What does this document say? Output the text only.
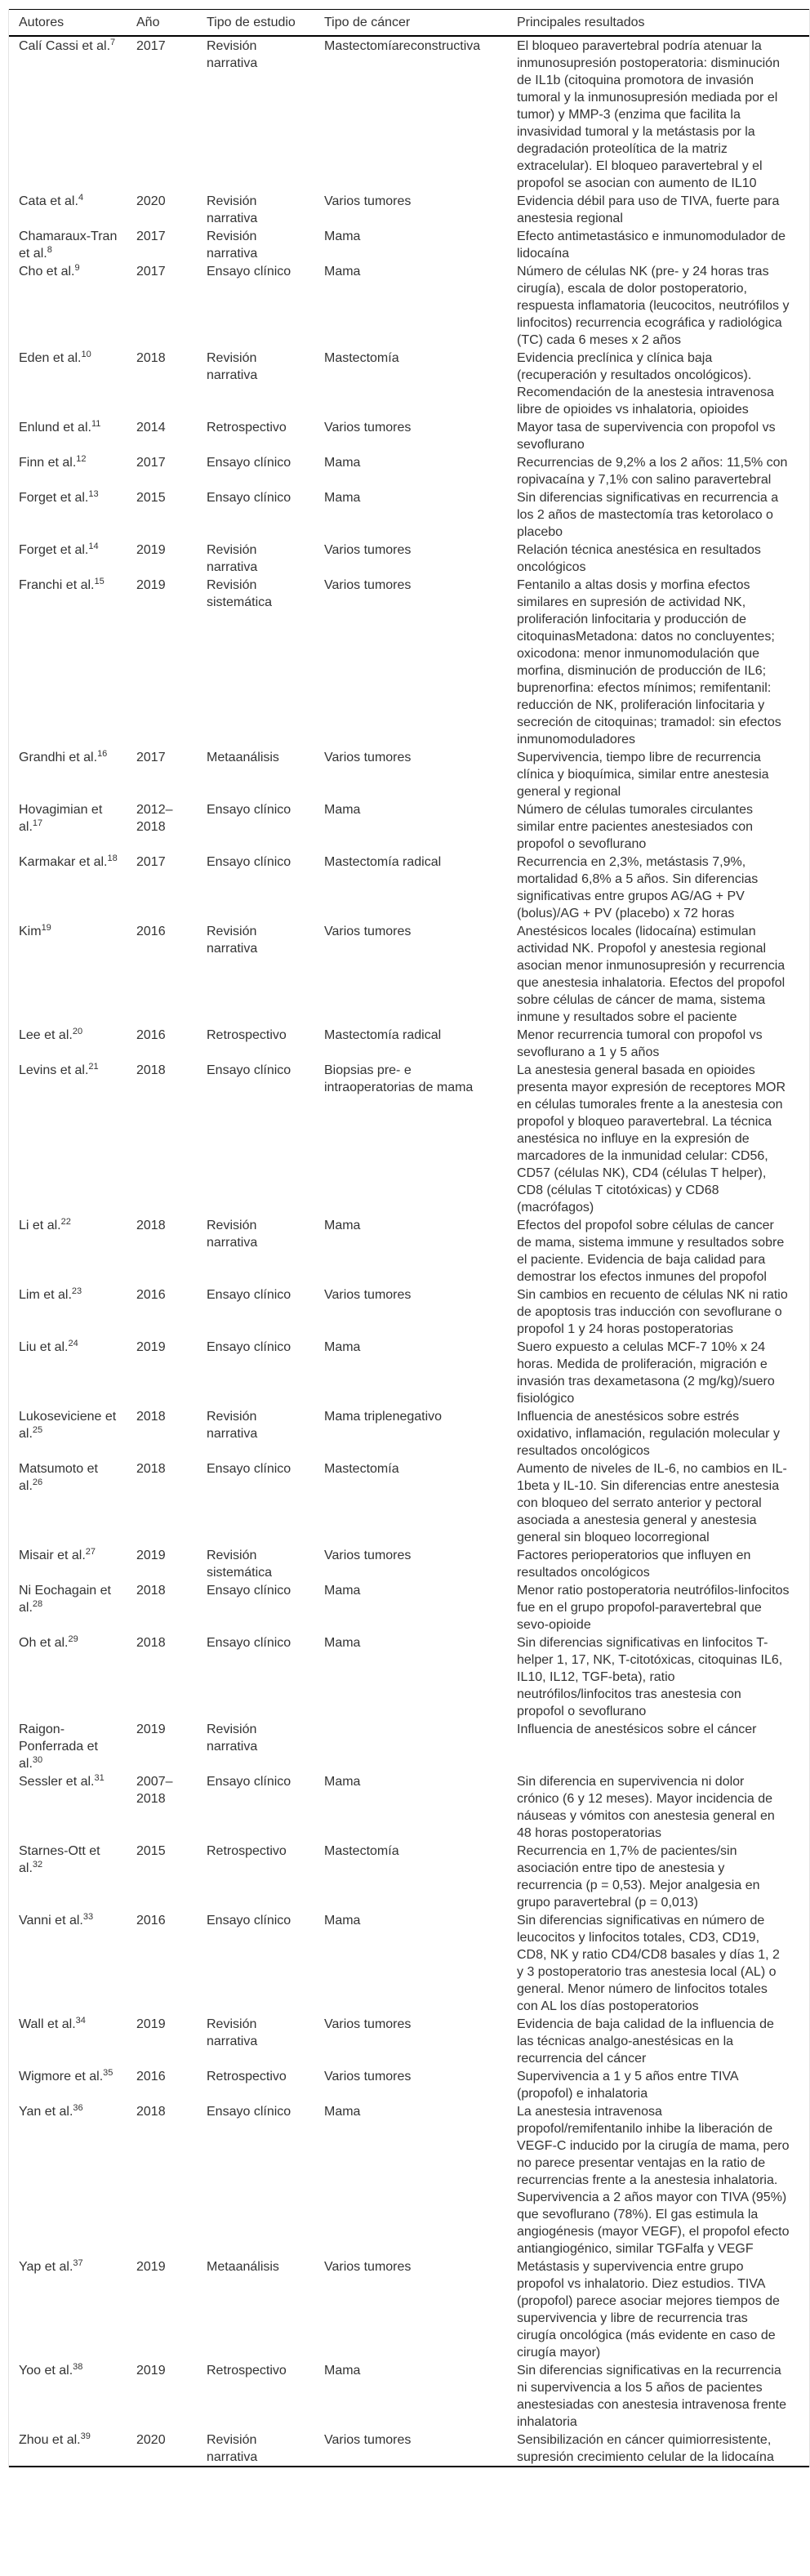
Autores	Año	Tipo de estudio	Tipo de cáncer	Principales resultados
Calí Cassi et al.$^7$	2017	Revisión narrativa	Mastectomíareconstructiva	El bloqueo paravertebral podría atenuar la inmunosupresión postoperatoria: disminución de IL1b (citoquina promotora de invasión tumoral y la inmunosupresión mediada por el tumor) y MMP-3 (enzima que facilita la invasividad tumoral y la metástasis por la degradación proteolítica de la matriz extracelular). El bloqueo paravertebral y el propofol se asocian con aumento de IL10
Cata et al.$^4$	2020	Revisión narrativa	Varios tumores	Evidencia débil para uso de TIVA, fuerte para anestesia regional
Chamaraux-Tran et al.$^8$	2017	Revisión narrativa	Mama	Efecto antimetastásico e inmunomodulador de lidocaína
Cho et al.$^9$	2017	Ensayo clínico	Mama	Número de células NK (pre- y 24 horas tras cirugía), escala de dolor postoperatorio, respuesta inflamatoria (leucocitos, neutrófilos y linfocitos) recurrencia ecográfica y radiológica (TC) cada 6 meses x 2 años
Eden et al.$^{10}$	2018	Revisión narrativa	Mastectomía	Evidencia preclínica y clínica baja (recuperación y resultados oncológicos). Recomendación de la anestesia intravenosa libre de opioides vs inhalatoria, opioides
Enlund et al.$^{11}$	2014	Retrospectivo	Varios tumores	Mayor tasa de supervivencia con propofol vs sevoflurano
Finn et al.$^{12}$	2017	Ensayo clínico	Mama	Recurrencias de 9,2% a los 2 años: 11,5% con ropivacaína y 7,1% con salino paravertebral
Forget et al.$^{13}$	2015	Ensayo clínico	Mama	Sin diferencias significativas en recurrencia a los 2 años de mastectomía tras ketorolaco o placebo
Forget et al.$^{14}$	2019	Revisión narrativa	Varios tumores	Relación técnica anestésica en resultados oncológicos
Franchi et al.$^{15}$	2019	Revisión sistemática	Varios tumores	Fentanilo a altas dosis y morfina efectos similares en supresión de actividad NK, proliferación linfocitaria y producción de citoquinasMetadona: datos no concluyentes; oxicodona: menor inmunomodulación que morfina, disminución de producción de IL6; buprenorfina: efectos mínimos; remifentanil: reducción de NK, proliferación linfocitaria y secreción de citoquinas; tramadol: sin efectos inmunomoduladores
Grandhi et al.$^{16}$	2017	Metaanálisis	Varios tumores	Supervivencia, tiempo libre de recurrencia clínica y bioquímica, similar entre anestesia general y regional
Hovagimian et al.$^{17}$	2012–2018	Ensayo clínico	Mama	Número de células tumorales circulantes similar entre pacientes anestesiados con propofol o sevoflurano
Karmakar et al.$^{18}$	2017	Ensayo clínico	Mastectomía radical	Recurrencia en 2,3%, metástasis 7,9%, mortalidad 6,8% a 5 años. Sin diferencias significativas entre grupos AG/AG + PV (bolus)/AG + PV (placebo) x 72 horas
Kim$^{19}$	2016	Revisión narrativa	Varios tumores	Anestésicos locales (lidocaína) estimulan actividad NK. Propofol y anestesia regional asocian menor inmunosupresión y recurrencia que anestesia inhalatoria. Efectos del propofol sobre células de cáncer de mama, sistema inmune y resultados sobre el paciente
Lee et al.$^{20}$	2016	Retrospectivo	Mastectomía radical	Menor recurrencia tumoral con propofol vs sevoflurano a 1 y 5 años
Levins et al.$^{21}$	2018	Ensayo clínico	Biopsias pre- e intraoperatorias de mama	La anestesia general basada en opioides presenta mayor expresión de receptores MOR en células tumorales frente a la anestesia con propofol y bloqueo paravertebral. La técnica anestésica no influye en la expresión de marcadores de la inmunidad celular: CD56, CD57 (células NK), CD4 (células T helper), CD8 (células T citotóxicas) y CD68 (macrófagos)
Li et al.$^{22}$	2018	Revisión narrativa	Mama	Efectos del propofol sobre células de cancer de mama, sistema immune y resultados sobre el paciente. Evidencia de baja calidad para demostrar los efectos inmunes del propofol
Lim et al.$^{23}$	2016	Ensayo clínico	Varios tumores	Sin cambios en recuento de células NK ni ratio de apoptosis tras inducción con sevoflurane o propofol 1 y 24 horas postoperatorias
Liu et al.$^{24}$	2019	Ensayo clínico	Mama	Suero expuesto a celulas MCF-7 10% x 24 horas. Medida de proliferación, migración e invasión tras dexametasona (2 mg/kg)/suero fisiológico
Lukoseviciene et al.$^{25}$	2018	Revisión narrativa	Mama triplenegativo	Influencia de anestésicos sobre estrés oxidativo, inflamación, regulación molecular y resultados oncológicos
Matsumoto et al.$^{26}$	2018	Ensayo clínico	Mastectomía	Aumento de niveles de IL-6, no cambios en IL-1beta y IL-10. Sin diferencias entre anestesia con bloqueo del serrato anterior y pectoral asociada a anestesia general y anestesia general sin bloqueo locorregional
Misair et al.$^{27}$	2019	Revisión sistemática	Varios tumores	Factores perioperatorios que influyen en resultados oncológicos
Ni Eochagain et al.$^{28}$	2018	Ensayo clínico	Mama	Menor ratio postoperatoria neutrófilos-linfocitos fue en el grupo propofol-paravertebral que sevo-opioide
Oh et al.$^{29}$	2018	Ensayo clínico	Mama	Sin diferencias significativas en linfocitos T-helper 1, 17, NK, T-citotóxicas, citoquinas IL6, IL10, IL12, TGF-beta), ratio neutrófilos/linfocitos tras anestesia con propofol o sevoflurano
Raigon-Ponferrada et al.$^{30}$	2019	Revisión narrativa		Influencia de anestésicos sobre el cáncer
Sessler et al.$^{31}$	2007–2018	Ensayo clínico	Mama	Sin diferencia en supervivencia ni dolor crónico (6 y 12 meses). Mayor incidencia de náuseas y vómitos con anestesia general en 48 horas postoperatorias
Starnes-Ott et al.$^{32}$	2015	Retrospectivo	Mastectomía	Recurrencia en 1,7% de pacientes/sin asociación entre tipo de anestesia y recurrencia (p = 0,53). Mejor analgesia en grupo paravertebral (p = 0,013)
Vanni et al.$^{33}$	2016	Ensayo clínico	Mama	Sin diferencias significativas en número de leucocitos y linfocitos totales, CD3, CD19, CD8, NK y ratio CD4/CD8 basales y días 1, 2 y 3 postoperatorio tras anestesia local (AL) o general. Menor número de linfocitos totales con AL los días postoperatorios
Wall et al.$^{34}$	2019	Revisión narrativa	Varios tumores	Evidencia de baja calidad de la influencia de las técnicas analgo-anestésicas en la recurrencia del cáncer
Wigmore et al.$^{35}$	2016	Retrospectivo	Varios tumores	Supervivencia a 1 y 5 años entre TIVA (propofol) e inhalatoria
Yan et al.$^{36}$	2018	Ensayo clínico	Mama	La anestesia intravenosa propofol/remifentanilo inhibe la liberación de VEGF-C inducido por la cirugía de mama, pero no parece presentar ventajas en la ratio de recurrencias frente a la anestesia inhalatoria. Supervivencia a 2 años mayor con TIVA (95%) que sevoflurano (78%). El gas estimula la angiogénesis (mayor VEGF), el propofol efecto antiangiogénico, similar TGFalfa y VEGF
Yap et al.$^{37}$	2019	Metaanálisis	Varios tumores	Metástasis y supervivencia entre grupo propofol vs inhalatorio. Diez estudios. TIVA (propofol) parece asociar mejores tiempos de supervivencia y libre de recurrencia tras cirugía oncológica (más evidente en caso de cirugía mayor)
Yoo et al.$^{38}$	2019	Retrospectivo	Mama	Sin diferencias significativas en la recurrencia ni supervivencia a los 5 años de pacientes anestesiadas con anestesia intravenosa frente inhalatoria
Zhou et al.$^{39}$	2020	Revisión narrativa	Varios tumores	Sensibilización en cáncer quimiorresistente, supresión crecimiento celular de la lidocaína
